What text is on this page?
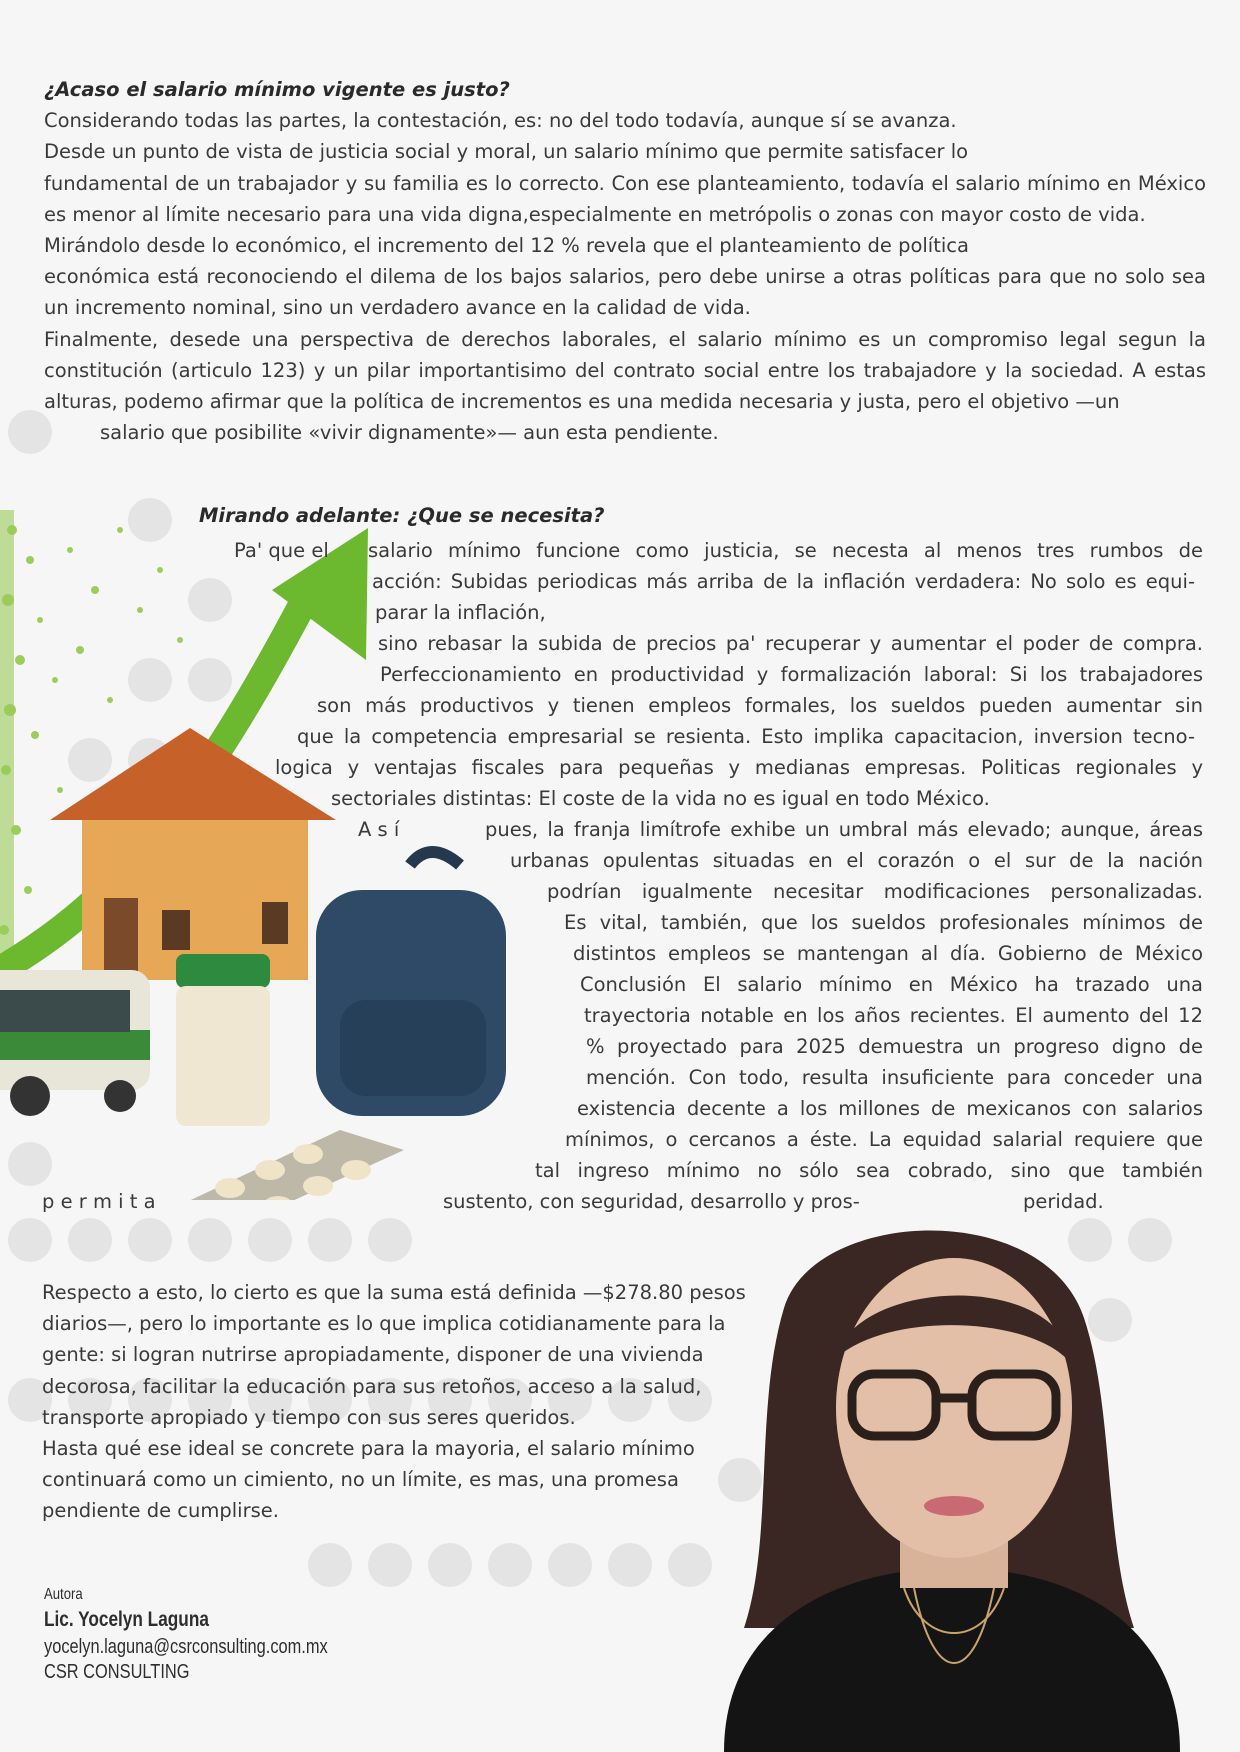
¿Acaso el salario mínimo vigente es justo?

Considerando todas las partes, la contestación, es: no del todo todavía, aunque sí se avanza.

Desde un punto de vista de justicia social y moral, un salario mínimo que permite satisfacer lo

fundamental de un trabajador y su familia es lo correcto. Con ese planteamiento, todavía el salario mínimo en México es menor al límite necesario para una vida digna,especialmente en metrópolis o zonas con mayor costo de vida.

Mirándolo desde lo económico, el incremento del 12 % revela que el planteamiento de política

económica está reconociendo el dilema de los bajos salarios, pero debe unirse a otras políticas para que no solo sea un incremento nominal, sino un verdadero avance en la calidad de vida.

Finalmente, desede una perspectiva de derechos laborales, el salario mínimo es un compromiso legal segun la constitución (articulo 123) y un pilar importantisimo del contrato social entre los trabajadore y la sociedad. A estas alturas, podemo afirmar que la política de incrementos es una medida necesaria y justa, pero el objetivo —un

salario que posibilite «vivir dignamente»— aun esta pendiente.

Mirando adelante: ¿Que se necesita?
Pa' que el salario mínimo funcione como justicia, se necesta al menos tres rumbos de
acción: Subidas periodicas más arriba de la inflación verdadera: No solo es equi-
parar la inflación,
sino rebasar la subida de precios pa' recuperar y aumentar el poder de compra.
Perfeccionamiento en productividad y formalización laboral: Si los trabajadores
son más productivos y tienen empleos formales, los sueldos pueden aumentar sin
que la competencia empresarial se resienta. Esto implika capacitacion, inversion tecno-
logica y ventajas fiscales para pequeñas y medianas empresas. Politicas regionales y
sectoriales distintas: El coste de la vida no es igual en todo México.
A s í	pues, la franja limítrofe exhibe un umbral más elevado; aunque, áreas
urbanas opulentas situadas en el corazón o el sur de la nación
podrían igualmente necesitar modificaciones personalizadas.
Es vital, también, que los sueldos profesionales mínimos de
distintos empleos se mantengan al día. Gobierno de México
Conclusión El salario mínimo en México ha trazado una
trayectoria notable en los años recientes. El aumento del 12
% proyectado para 2025 demuestra un progreso digno de
mención. Con todo, resulta insuficiente para conceder una
existencia decente a los millones de mexicanos con salarios
mínimos, o cercanos a éste. La equidad salarial requiere que
tal ingreso mínimo no sólo sea cobrado, sino que también
p e r m i t a	sustento, con seguridad, desarrollo y pros-	peridad.

Respecto a esto, lo cierto es que la suma está definida —$278.80 pesos diarios—, pero lo importante es lo que implica cotidianamente para la gente: si logran nutrirse apropiadamente, disponer de una vivienda decorosa, facilitar la educación para sus retoños, acceso a la salud, transporte apropiado y tiempo con sus seres queridos.

Hasta qué ese ideal se concrete para la mayoria, el salario mínimo continuará como un cimiento, no un límite, es mas, una promesa pendiente de cumplirse.

Autora
Lic. Yocelyn Laguna
yocelyn.laguna@csrconsulting.com.mx
CSR CONSULTING
